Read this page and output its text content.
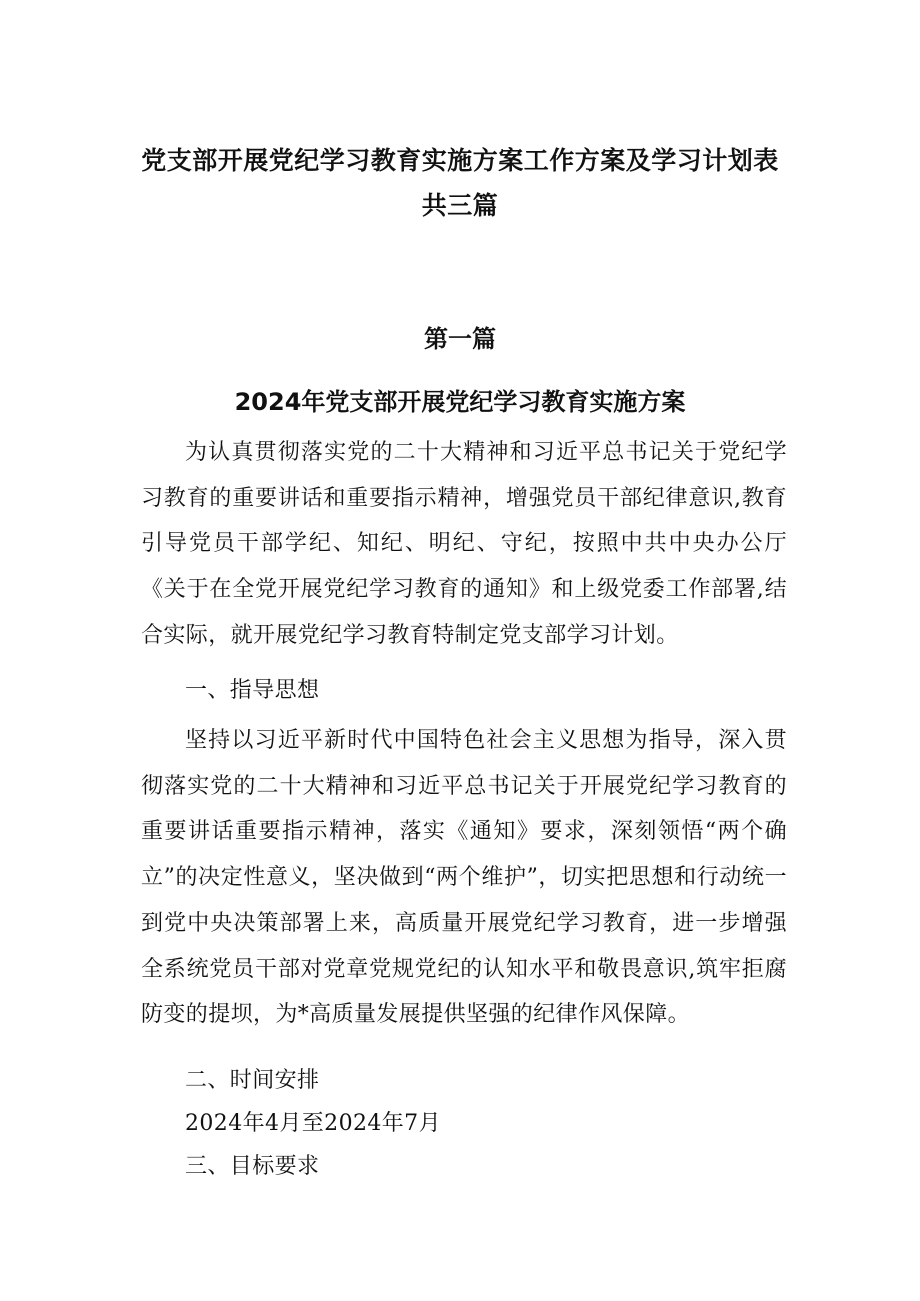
党支部开展党纪学习教育实施方案工作方案及学习计划表
共三篇
第一篇
2024年党支部开展党纪学习教育实施方案

为认真贯彻落实党的二十大精神和习近平总书记关于党纪学习教育的重要讲话和重要指示精神，增强党员干部纪律意识,教育引导党员干部学纪、知纪、明纪、守纪，按照中共中央办公厅《关于在全党开展党纪学习教育的通知》和上级党委工作部署,结合实际，就开展党纪学习教育特制定党支部学习计划。

一、指导思想

坚持以习近平新时代中国特色社会主义思想为指导，深入贯彻落实党的二十大精神和习近平总书记关于开展党纪学习教育的重要讲话重要指示精神，落实《通知》要求，深刻领悟“两个确立”的决定性意义，坚决做到“两个维护”，切实把思想和行动统一到党中央决策部署上来，高质量开展党纪学习教育，进一步增强全系统党员干部对党章党规党纪的认知水平和敬畏意识,筑牢拒腐防变的提坝，为*高质量发展提供坚强的纪律作风保障。

二、时间安排
2024年4月至2024年7月
三、目标要求
